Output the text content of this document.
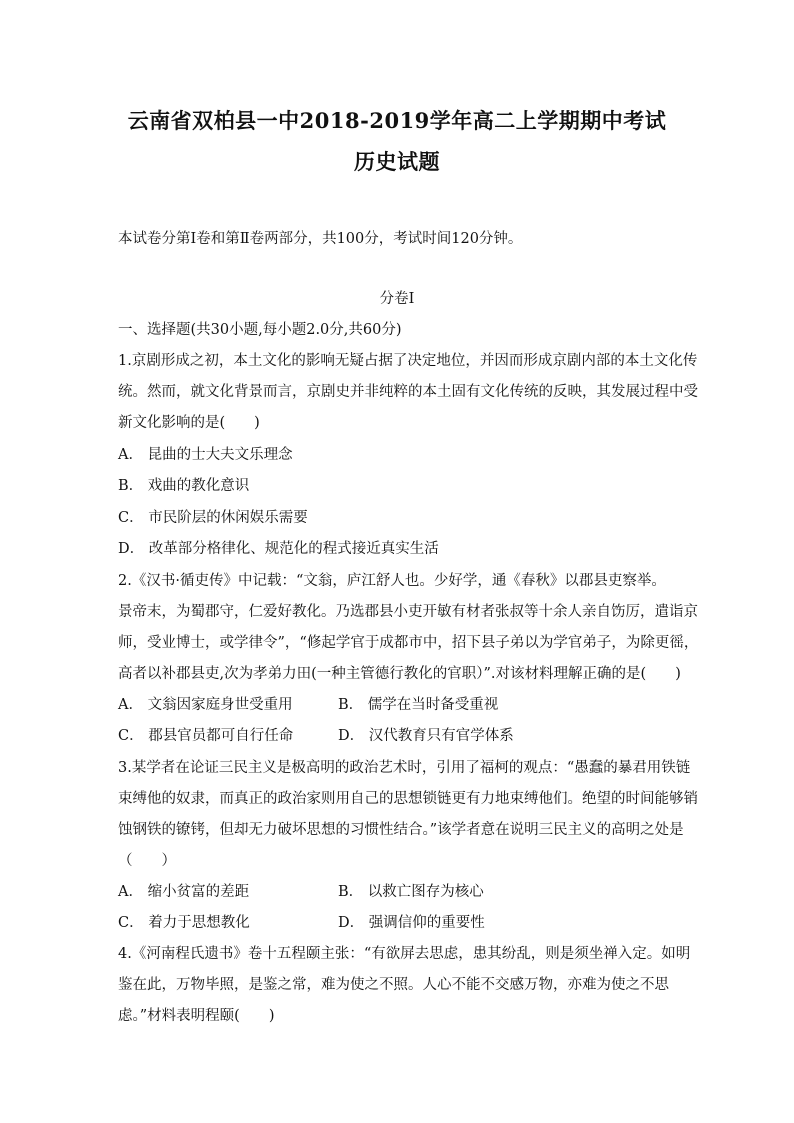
云南省双柏县一中2018-2019学年高二上学期期中考试
历史试题
本试卷分第Ⅰ卷和第Ⅱ卷两部分，共100分，考试时间120分钟。
分卷Ⅰ
一、选择题(共30小题,每小题2.0分,共60分)
1.京剧形成之初，本土文化的影响无疑占据了决定地位，并因而形成京剧内部的本土文化传
统。然而，就文化背景而言，京剧史并非纯粹的本土固有文化传统的反映，其发展过程中受
新文化影响的是(　　)
A． 昆曲的士大夫文乐理念
B． 戏曲的教化意识
C． 市民阶层的休闲娱乐需要
D． 改革部分格律化、规范化的程式接近真实生活
2.《汉书·循吏传》中记载：“文翁，庐江舒人也。少好学，通《春秋》以郡县吏察举。
景帝末，为蜀郡守，仁爱好教化。乃选郡县小吏开敏有材者张叔等十余人亲自饬厉，遣诣京
师，受业博士，或学律令”，“修起学官于成都市中，招下县子弟以为学官弟子，为除更徭，
高者以补郡县吏,次为孝弟力田(一种主管德行教化的官职）”.对该材料理解正确的是(　　)
A． 文翁因家庭身世受重用	B． 儒学在当时备受重视
C． 郡县官员都可自行任命	D． 汉代教育只有官学体系
3.某学者在论证三民主义是极高明的政治艺术时，引用了福柯的观点：“愚蠢的暴君用铁链
束缚他的奴隶，而真正的政治家则用自己的思想锁链更有力地束缚他们。绝望的时间能够销
蚀钢铁的镣铐，但却无力破坏思想的习惯性结合。”该学者意在说明三民主义的高明之处是
（　　）
A． 缩小贫富的差距	B． 以救亡图存为核心
C． 着力于思想教化	D． 强调信仰的重要性
4.《河南程氏遗书》卷十五程颐主张：“有欲屏去思虑，患其纷乱，则是须坐禅入定。如明
鉴在此，万物毕照，是鉴之常，难为使之不照。人心不能不交感万物，亦难为使之不思
虑。”材料表明程颐(　　)
